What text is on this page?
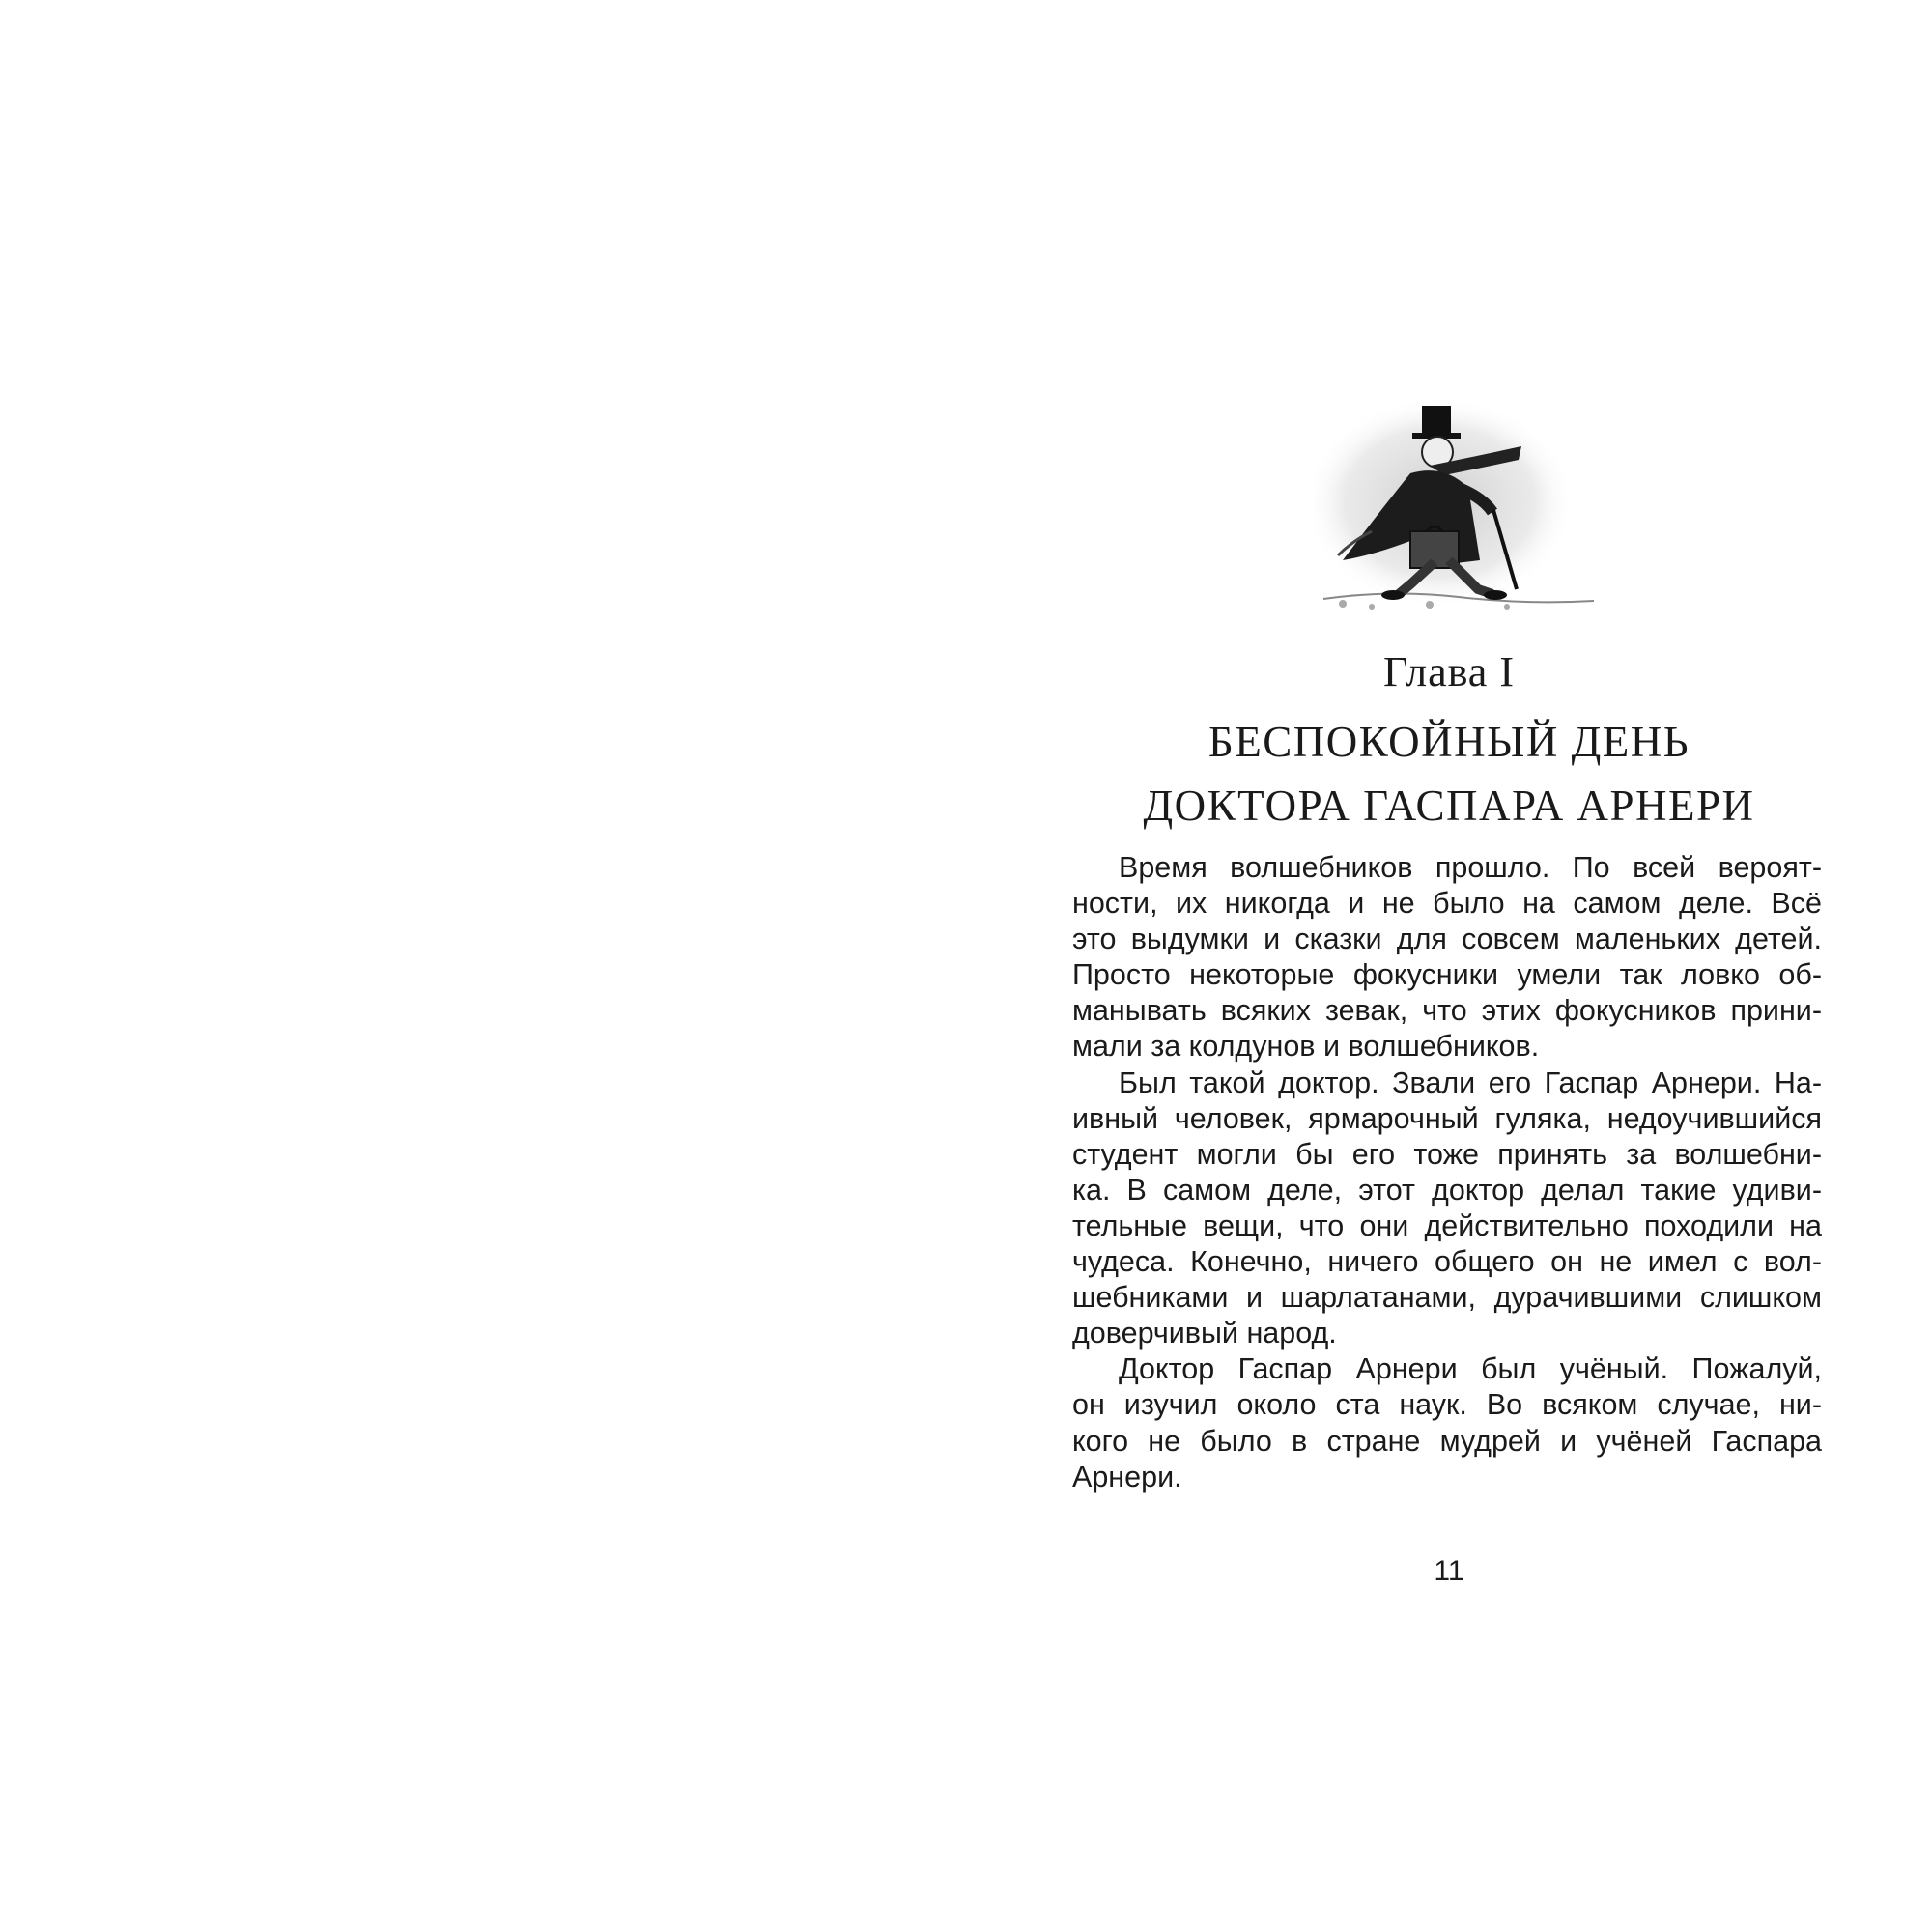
Глава I
БЕСПОКОЙНЫЙ ДЕНЬ
ДОКТОРА ГАСПАРА АРНЕРИ
Время волшебников прошло. По всей вероят-
ности, их никогда и не было на самом деле. Всё
это выдумки и сказки для совсем маленьких детей.
Просто некоторые фокусники умели так ловко об-
манывать всяких зевак, что этих фокусников прини-
мали за колдунов и волшебников.
Был такой доктор. Звали его Гаспар Арнери. На-
ивный человек, ярмарочный гуляка, недоучившийся
студент могли бы его тоже принять за волшебни-
ка. В самом деле, этот доктор делал такие удиви-
тельные вещи, что они действительно походили на
чудеса. Конечно, ничего общего он не имел с вол-
шебниками и шарлатанами, дурачившими слишком
доверчивый народ.
Доктор Гаспар Арнери был учёный. Пожалуй,
он изучил около ста наук. Во всяком случае, ни-
кого не было в стране мудрей и учёней Гаспара
Арнери.
11
